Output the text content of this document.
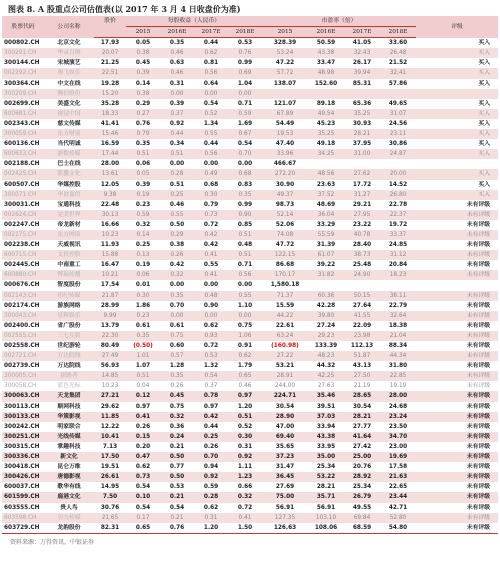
图表 8. A 股重点公司估值表(以 2017 年 3 月 4 日收盘价为准)
股票代码	公司名称	股价	每股收益（人民币）				市盈率（倍）				评级
			2015	2016E	2017E	2018E	2015	2016E	2017E	2018E	
000802.CH	北京文化	17.93	0.05	0.35	0.44	0.53	328.39	50.59	41.05	33.60	买入
300291.CH	华录百纳	20.07	0.38	0.46	0.62	0.76	53.24	43.38	32.43	26.48	买入
300144.CH	宋城演艺	21.25	0.45	0.63	0.81	0.99	47.22	33.47	26.17	21.52	买入
002292.CH	奥飞娱乐	22.51	0.39	0.46	0.56	0.69	57.72	48.98	39.94	32.41	买入
300364.CH	中文在线	19.28	0.14	0.31	0.64	1.04	138.07	152.60	85.31	57.86	买入
300209.CH	腾信股份	15.20	0.38	0.00	0.00	0.00					
002699.CH	美盛文化	35.28	0.29	0.39	0.54	0.71	121.07	89.18	65.36	49.65	买入
600681.CH	视觉中国	18.33	0.27	0.37	0.52	0.59	67.89	49.54	35.25	31.07	买入
002343.CH	慈文传媒	41.41	0.76	0.92	1.34	1.69	54.49	45.23	30.93	24.56	买入
300059.CH	东方财富	15.46	0.79	0.44	0.55	0.67	19.53	35.25	28.21	23.11	买入
600136.CH	当代明诚	16.59	0.35	0.34	0.44	0.54	47.40	49.18	37.95	30.86	买入
600633.CH	浙数传媒	17.44	0.51	0.51	0.56	0.70	33.96	34.25	31.00	24.87	买入
002188.CH	巴士在线	28.00	0.06	0.00	0.00	0.00	466.67				
002425.CH	凯撒文化	13.61	0.05	0.28	0.49	0.68	272.20	48.56	27.62	20.00	买入
600507.CH	华媒控股	12.05	0.39	0.51	0.68	0.83	30.90	23.63	17.72	14.52	买入
300071.CH	华谊嘉信	9.38	0.19	0.25	0.30	0.35	49.37	37.52	31.27	26.80	买入
300031.CH	宝通科技	22.48	0.23	0.46	0.79	0.99	98.73	48.69	29.21	22.78	未有评级
002624.CH	完美世界	30.13	0.59	0.55	0.73	0.90	52.14	36.04	27.95	22.37	未有评级
002247.CH	帝龙新材	16.66	0.32	0.50	0.72	0.85	52.06	33.29	23.22	19.72	未有评级
002175.CH	东方网络	10.23	0.14	0.29	0.42	0.51	74.08	55.59	40.78	33.37	未有评级
002238.CH	天威视讯	11.93	0.25	0.38	0.42	0.48	47.72	31.39	28.40	24.85	未有评级
600715.CH	文投控股	15.88	0.13	0.26	0.41	0.51	122.15	61.07	38.73	31.12	未有评级
002445.CH	中南重工	16.47	0.19	0.42	0.55	0.71	86.68	39.22	25.48	20.84	未有评级
600880.CH	博瑞传播	10.21	0.06	0.32	0.41	0.56	170.17	31.82	24.90	18.23	未有评级
000676.CH	智度股份	17.54	0.01	0.00	0.00	0.00	1,580.18				
002143.CH	印纪传媒	21.87	0.30	0.35	0.48	0.55	71.37	60.36	50.15	38.11	未有评级
002174.CH	游族网络	28.99	1.86	0.70	0.90	1.10	15.59	42.28	27.64	22.79	未有评级
300043.CH	星辉娱乐	9.99	0.23	0.00	0.00	0.00	44.22	39.80	41.55	32.64	未有评级
002400.CH	省广股份	13.79	0.61	0.61	0.62	0.75	22.61	27.24	22.09	18.38	未有评级
002555.CH	三七互娱	22.30	0.35	0.75	0.93	1.06	63.24	29.23	23.98	21.04	未有评级
002558.CH	世纪游轮	80.49	(0.50)	0.60	0.72	0.91	(160.98)	133.39	112.13	88.34	未有评级
002721.CH	万达院线	27.49	1.01	0.57	0.53	0.62	27.22	48.23	51.87	44.34	未有评级
002739.CH	万达院线	56.93	1.07	1.28	1.32	1.79	53.21	44.32	43.13	31.80	未有评级
300005.CH	探路者	14.85	0.51	0.35	0.54	0.65	28.91	42.25	27.50	22.85	未有评级
300058.CH	蓝色光标	10.23	0.04	0.26	0.37	0.46	244.00	27.63	21.19	19.19	未有评级
300063.CH	天龙集团	27.21	0.12	0.45	0.78	0.97	224.71	35.46	28.65	28.00	未有评级
300113.CH	顺网科技	29.62	0.97	0.75	0.97	1.20	30.54	39.51	30.54	24.68	未有评级
300133.CH	华策影视	11.85	0.41	0.32	0.42	0.51	28.90	37.03	28.21	23.24	未有评级
300242.CH	明家联合	12.22	0.26	0.36	0.44	0.52	47.00	33.94	27.77	23.50	未有评级
300251.CH	光线传媒	10.41	0.15	0.24	0.25	0.30	69.40	43.38	41.64	34.70	未有评级
300315.CH	掌趣科技	7.13	0.20	0.21	0.26	0.31	35.65	33.95	27.42	23.00	未有评级
300336.CH	新文化	17.50	0.47	0.50	0.70	0.92	37.23	35.00	25.00	19.69	未有评级
300418.CH	昆仑万维	19.51	0.62	0.77	0.94	1.11	31.47	25.34	20.76	17.58	未有评级
300426.CH	唐德影视	26.61	0.73	0.50	0.92	1.23	36.45	53.22	28.92	21.63	未有评级
600037.CH	歌华有线	14.95	0.54	0.53	0.59	0.66	27.69	28.21	25.34	22.65	未有评级
601599.CH	鹿港文化	7.50	0.10	0.21	0.28	0.32	75.00	35.71	26.79	23.44	未有评级
603555.CH	贵人鸟	30.76	0.54	0.54	0.62	0.72	56.91	56.91	49.55	42.71	未有评级
603598.CH	引力传媒	21.65	0.17	0.21	0.31	0.41	127.35	103.10	69.84	52.80	未有评级
603729.CH	龙韵股份	82.31	0.65	0.76	1.20	1.50	126.63	108.06	68.59	54.80	未有评级
资料来源：万得资讯，中银证券
